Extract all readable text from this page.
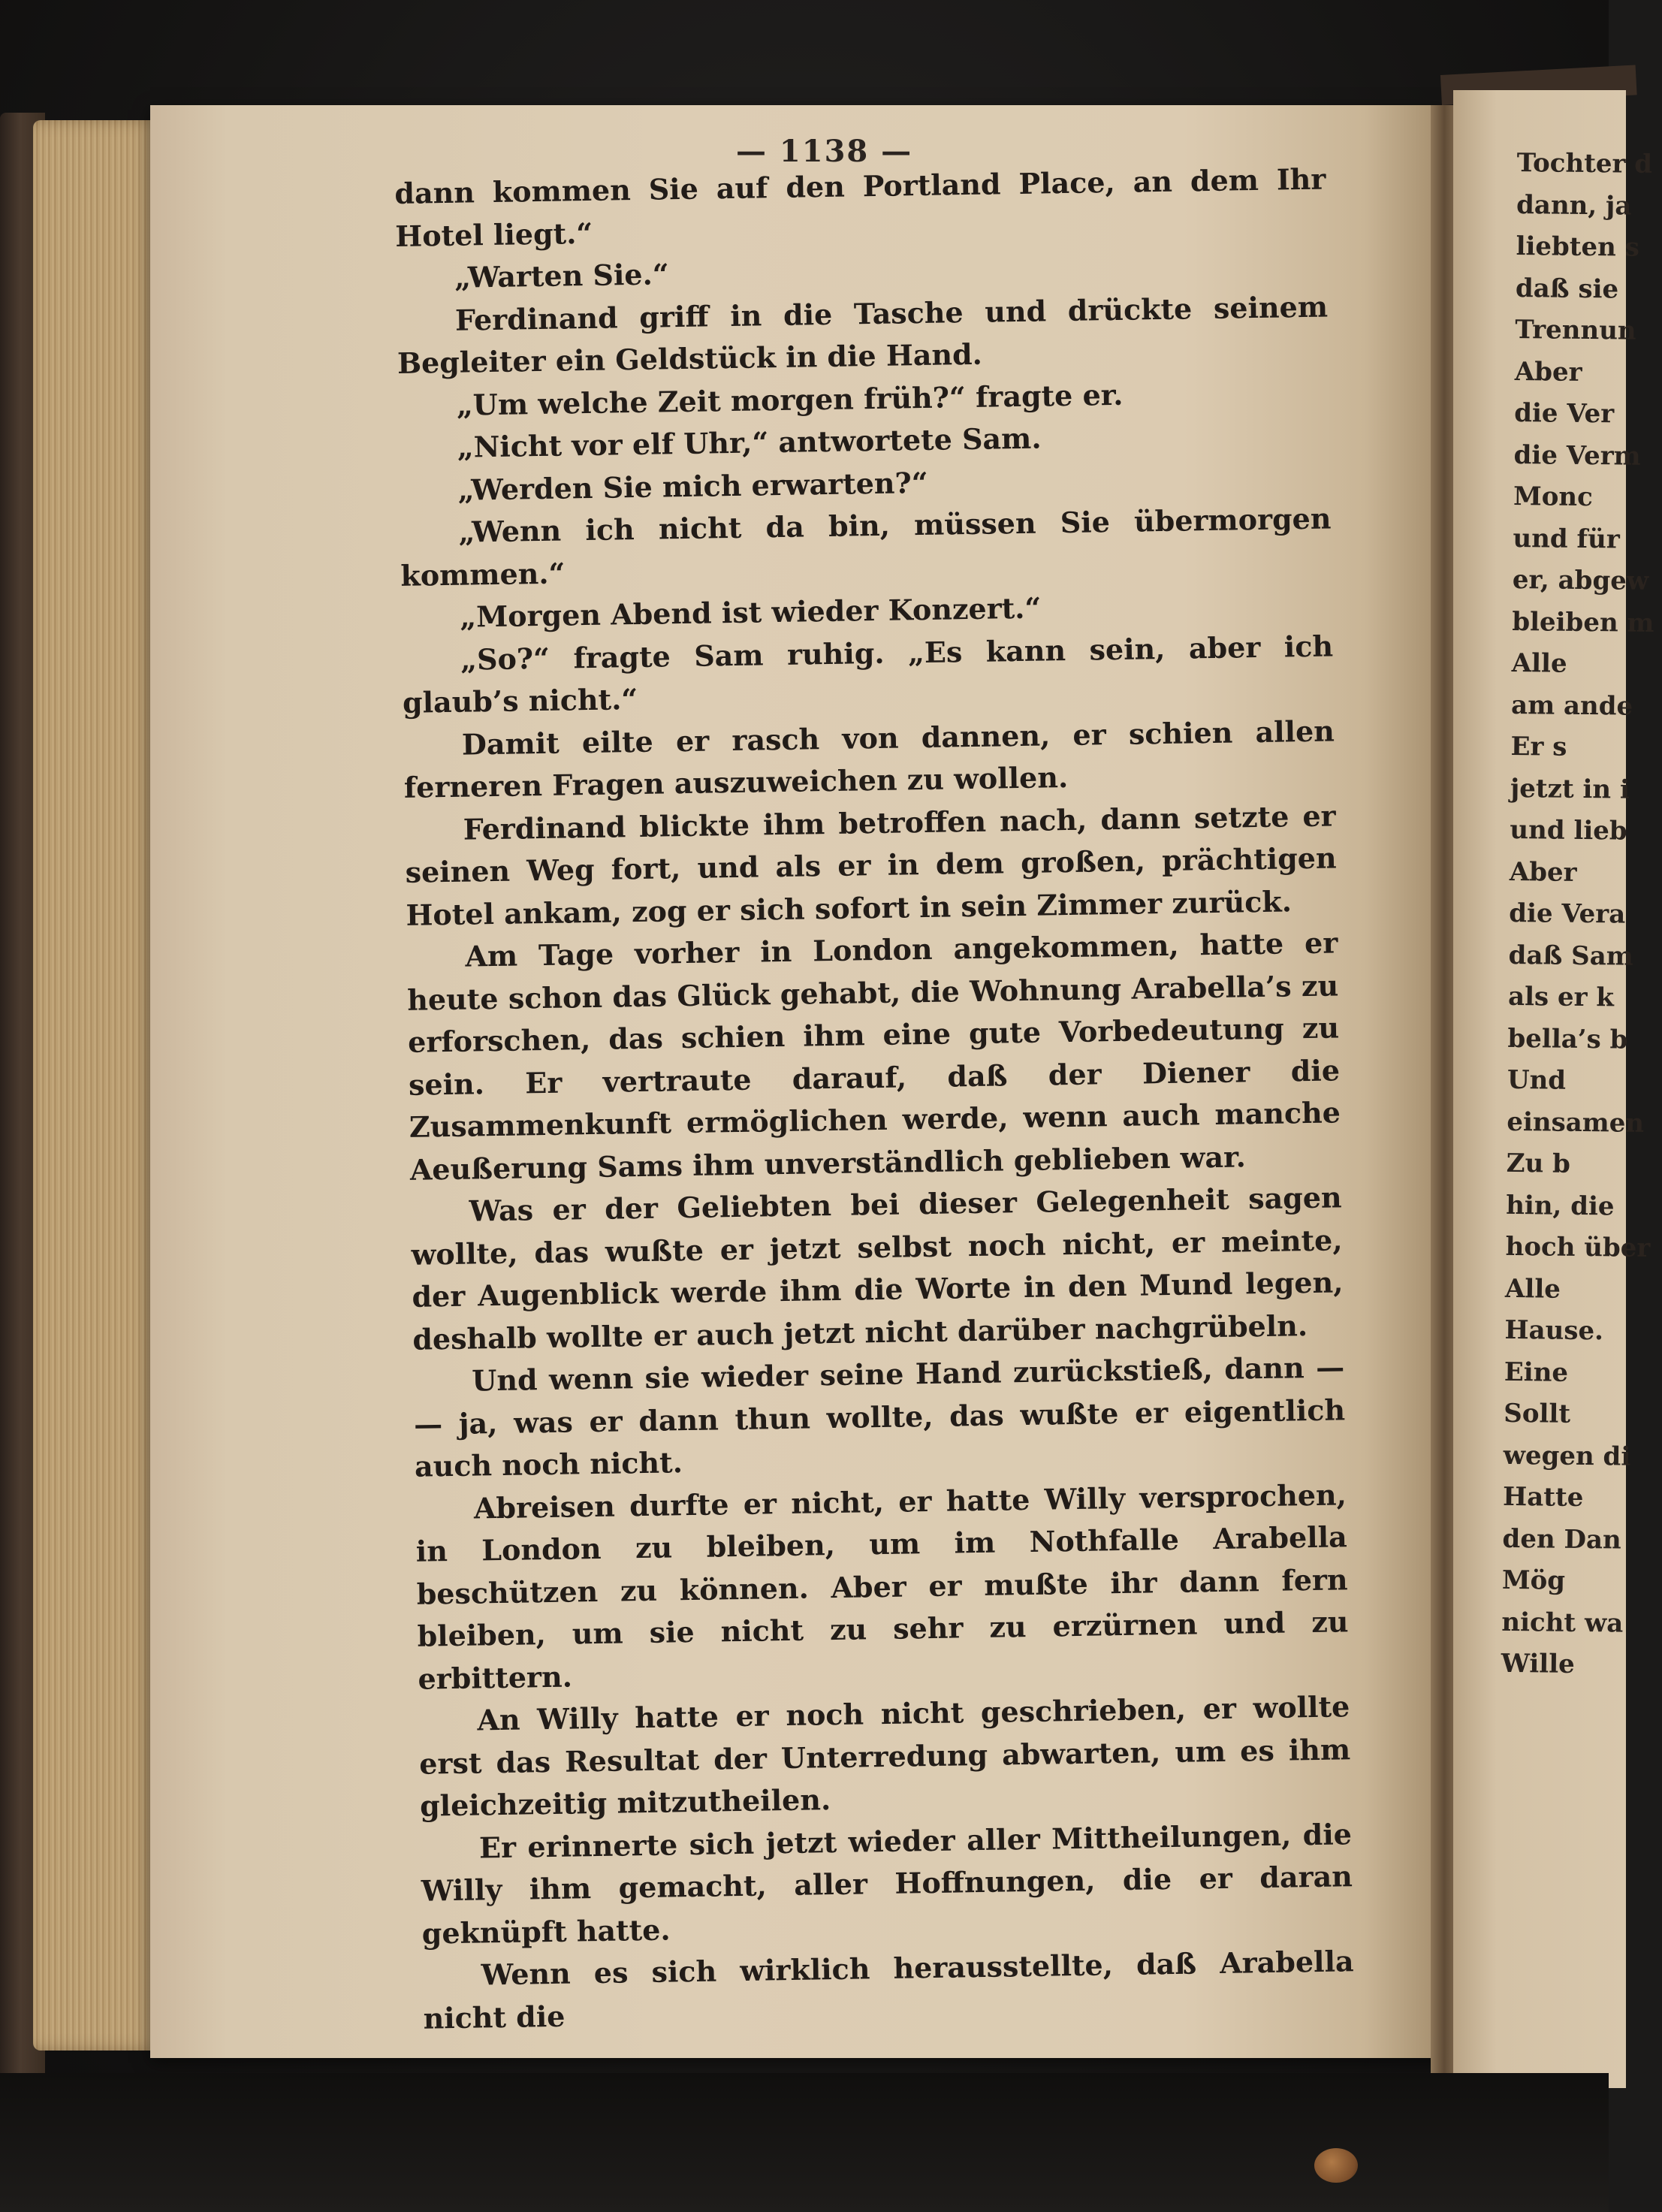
— 1138 —

dann kommen Sie auf den Portland Place, an dem Ihr Hotel liegt.“

„Warten Sie.“

Ferdinand griff in die Tasche und drückte seinem Begleiter ein Geldstück in die Hand.

„Um welche Zeit morgen früh?“ fragte er.

„Nicht vor elf Uhr,“ antwortete Sam.

„Werden Sie mich erwarten?“

„Wenn ich nicht da bin, müssen Sie übermorgen kommen.“

„Morgen Abend ist wieder Konzert.“

„So?“ fragte Sam ruhig. „Es kann sein, aber ich glaub’s nicht.“

Damit eilte er rasch von dannen, er schien allen ferneren Fragen auszuweichen zu wollen.

Ferdinand blickte ihm betroffen nach, dann setzte er seinen Weg fort, und als er in dem großen, prächtigen Hotel ankam, zog er sich sofort in sein Zimmer zurück.

Am Tage vorher in London angekommen, hatte er heute schon das Glück gehabt, die Wohnung Arabella’s zu erforschen, das schien ihm eine gute Vorbedeutung zu sein. Er vertraute darauf, daß der Diener die Zusammenkunft ermöglichen werde, wenn auch manche Aeußerung Sams ihm unverständlich geblieben war.

Was er der Geliebten bei dieser Gelegenheit sagen wollte, das wußte er jetzt selbst noch nicht, er meinte, der Augenblick werde ihm die Worte in den Mund legen, deshalb wollte er auch jetzt nicht darüber nachgrübeln.

Und wenn sie wieder seine Hand zurückstieß, dann — — ja, was er dann thun wollte, das wußte er eigentlich auch noch nicht.

Abreisen durfte er nicht, er hatte Willy versprochen, in London zu bleiben, um im Nothfalle Arabella beschützen zu können. Aber er mußte ihr dann fern bleiben, um sie nicht zu sehr zu erzürnen und zu erbittern.

An Willy hatte er noch nicht geschrieben, er wollte erst das Resultat der Unterredung abwarten, um es ihm gleichzeitig mitzutheilen.

Er erinnerte sich jetzt wieder aller Mittheilungen, die Willy ihm gemacht, aller Hoffnungen, die er daran geknüpft hatte.

Wenn es sich wirklich herausstellte, daß Arabella nicht die

Tochter d
dann, ja
liebten s
daß sie
Trennun
Aber
die Ver
die Verm
Monc
und für
er, abgew
bleiben m
Alle
am ande
Er s
jetzt in i
und lieb
Aber
die Vera
daß Sam
als er k
bella’s b
Und
einsamen
Zu b
hin, die
hoch über
Alle
Hause.
Eine
Sollt
wegen di
Hatte
den Dan
Mög
nicht wa
Wille
